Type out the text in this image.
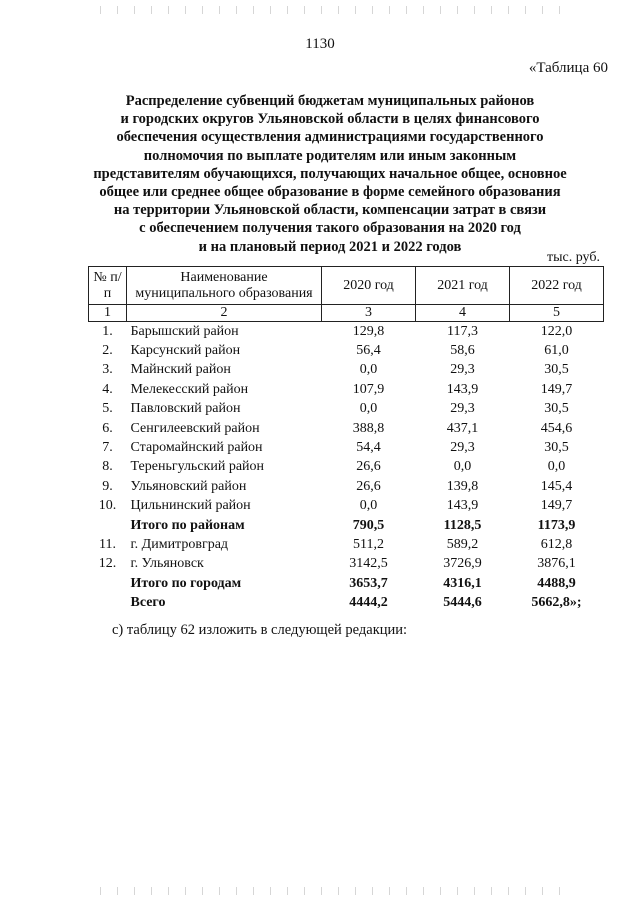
1130
«Таблица 60
Распределение субвенций бюджетам муниципальных районов
и городских округов Ульяновской области в целях финансового
обеспечения осуществления администрациями государственного
полномочия по выплате родителям или иным законным
представителям обучающихся, получающих начальное общее, основное
общее или среднее общее образование в форме семейного образования
на территории Ульяновской области, компенсации затрат в связи
с обеспечением получения такого образования на 2020 год
и на плановый период 2021 и 2022 годов
тыс. руб.
№ п/п	Наименование муниципального образования	2020 год	2021 год	2022 год
1	2	3	4	5
1.	Барышский район	129,8	117,3	122,0
2.	Карсунский район	56,4	58,6	61,0
3.	Майнский район	0,0	29,3	30,5
4.	Мелекесский район	107,9	143,9	149,7
5.	Павловский район	0,0	29,3	30,5
6.	Сенгилеевский район	388,8	437,1	454,6
7.	Старомайнский район	54,4	29,3	30,5
8.	Тереньгульский район	26,6	0,0	0,0
9.	Ульяновский район	26,6	139,8	145,4
10.	Цильнинский район	0,0	143,9	149,7
	Итого по районам	790,5	1128,5	1173,9
11.	г. Димитровград	511,2	589,2	612,8
12.	г. Ульяновск	3142,5	3726,9	3876,1
	Итого по городам	3653,7	4316,1	4488,9
	Всего	4444,2	5444,6	5662,8»;
с) таблицу 62 изложить в следующей редакции:
